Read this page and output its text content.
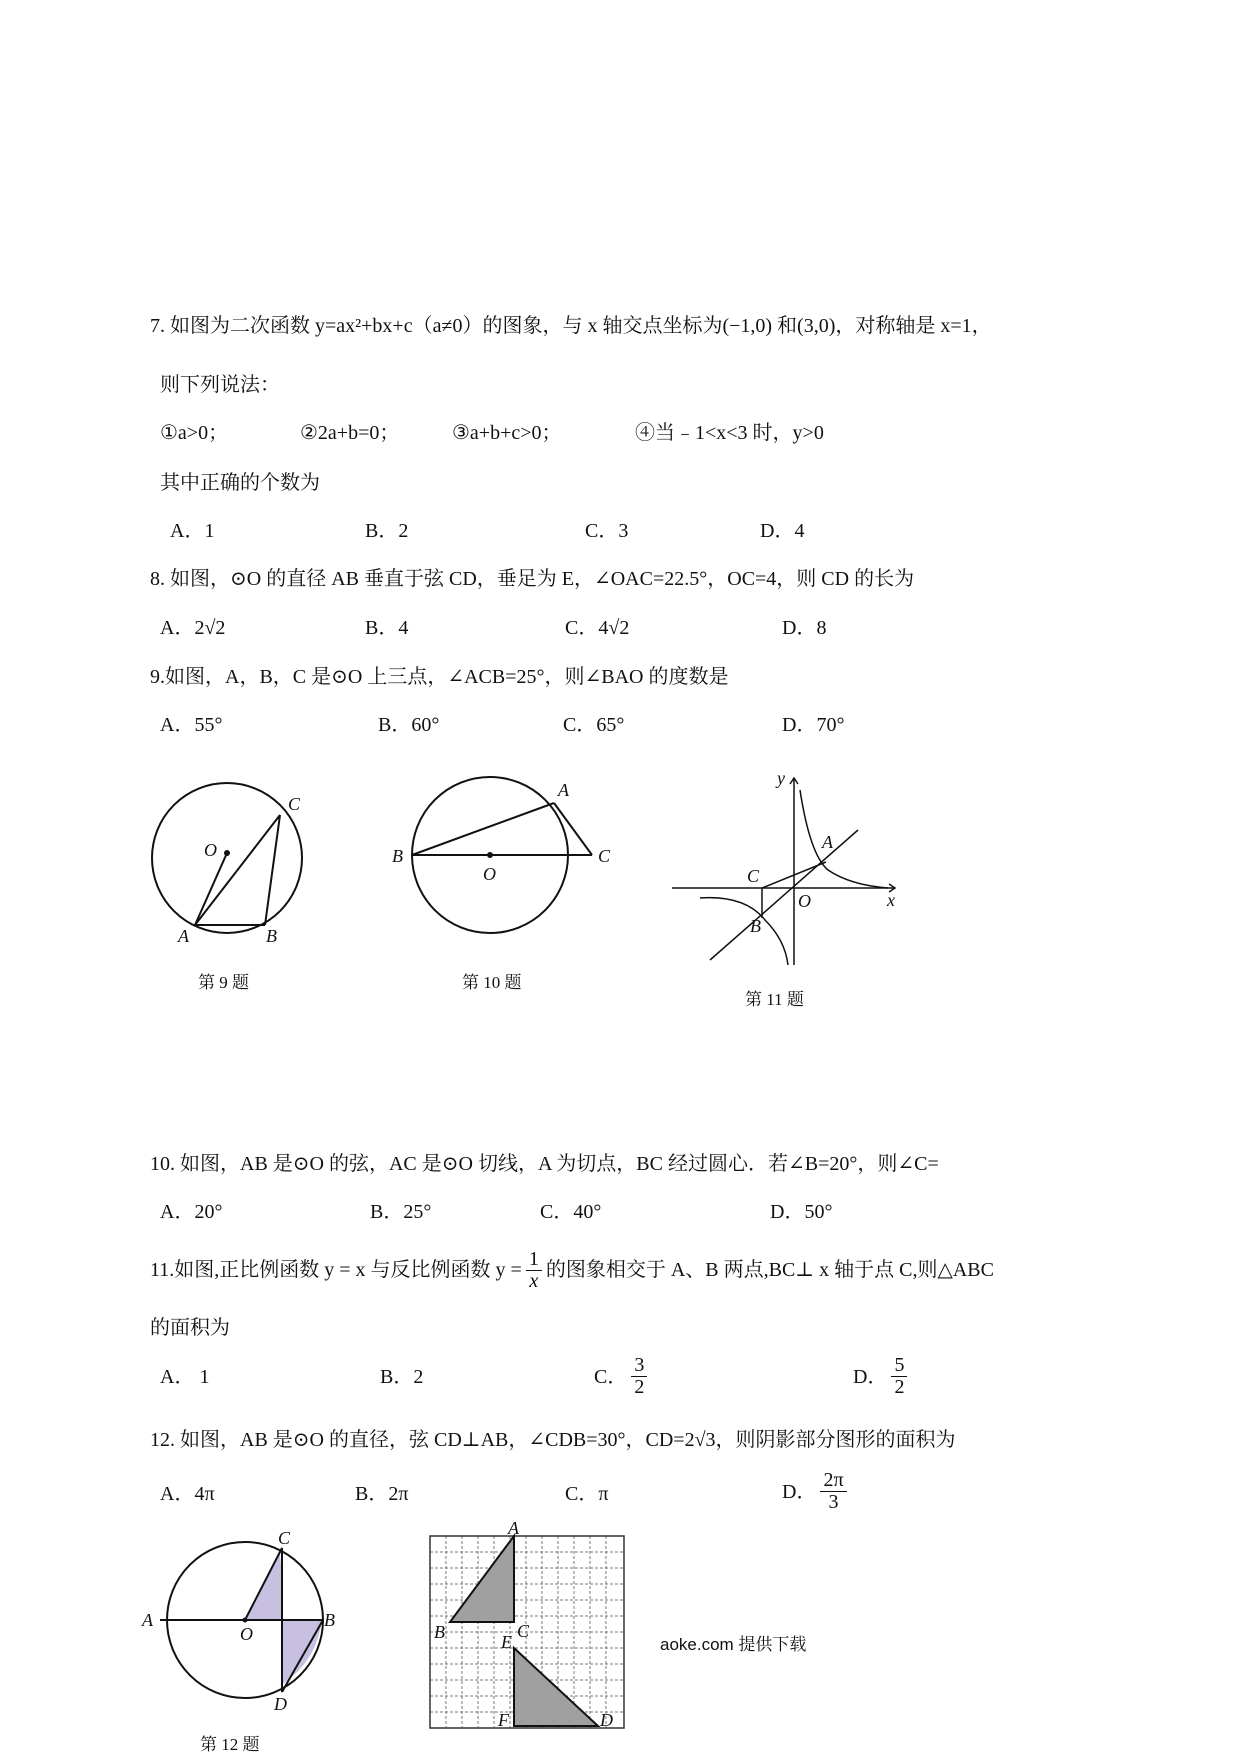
7. 如图为二次函数 y=ax²+bx+c（a≠0）的图象，与 x 轴交点坐标为(−1,0) 和(3,0)，对称轴是 x=1，
则下列说法：
①a>0；	②2a+b=0；	③a+b+c>0；	④当﹣1<x<3 时，y>0
其中正确的个数为
A．1	B．2	C．3	D．4
8. 如图，⊙O 的直径 AB 垂直于弦 CD，垂足为 E，∠OAC=22.5°，OC=4，则 CD 的长为
A．2√2	B．4	C．4√2	D．8
9.如图，A，B，C 是⊙O 上三点，∠ACB=25°，则∠BAO 的度数是
A．55°	B．60°	C．65°	D．70°
O
C
A	B
第 9 题
A
B
O
C
第 10 题
y
x
A
C
O
B
第 11 题
10. 如图，AB 是⊙O 的弦，AC 是⊙O 切线，A 为切点，BC 经过圆心．若∠B=20°，则∠C=
A．20°	B．25°	C．40°	D．50°
11.如图,正比例函数 y = x 与反比例函数 $y = \frac{1}{x}$ 的图象相交于 A、B 两点,BC⊥ x 轴于点 C,则△ABC
的面积为
A． 1	B．2	C． $\frac{3}{2}$	D． $\frac{5}{2}$
12. 如图，AB 是⊙O 的直径，弦 CD⊥AB，∠CDB=30°，CD=2√3，则阴影部分图形的面积为
A．4π	B．2π	C．π	D． $\frac{2\pi}{3}$
A	B
C
D
O
第 12 题
A
B	C
E
F	D
aoke.com 提供下载
